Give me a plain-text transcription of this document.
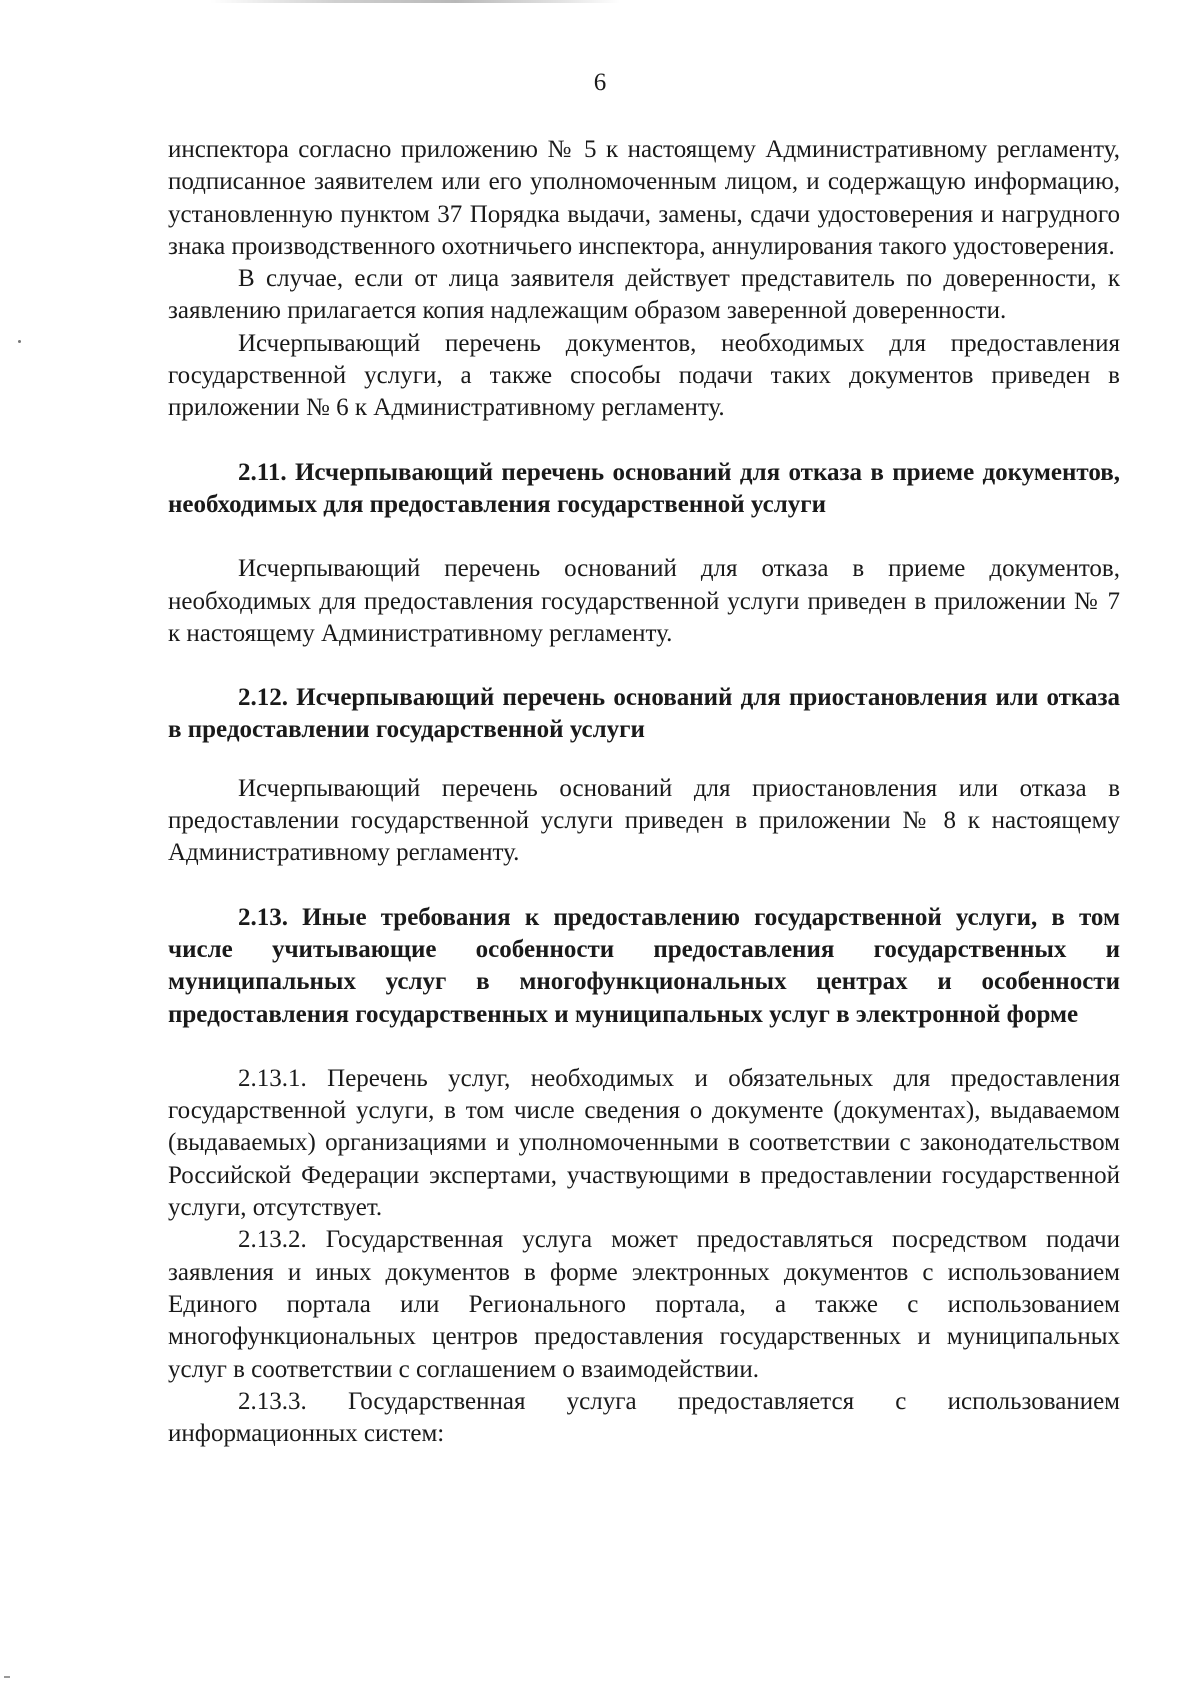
6

инспектора согласно приложению № 5 к настоящему Административному регламенту, подписанное заявителем или его уполномоченным лицом, и содержащую информацию, установленную пунктом 37 Порядка выдачи, замены, сдачи удостоверения и нагрудного знака производственного охотничьего инспектора, аннулирования такого удостоверения.

В случае, если от лица заявителя действует представитель по доверенности, к заявлению прилагается копия надлежащим образом заверенной доверенности.

Исчерпывающий перечень документов, необходимых для предоставления государственной услуги, а также способы подачи таких документов приведен в приложении № 6 к Административному регламенту.

2.11. Исчерпывающий перечень оснований для отказа в приеме документов, необходимых для предоставления государственной услуги

Исчерпывающий перечень оснований для отказа в приеме документов, необходимых для предоставления государственной услуги приведен в приложении № 7 к настоящему Административному регламенту.

2.12. Исчерпывающий перечень оснований для приостановления или отказа в предоставлении государственной услуги

Исчерпывающий перечень оснований для приостановления или отказа в предоставлении государственной услуги приведен в приложении № 8 к настоящему Административному регламенту.

2.13. Иные требования к предоставлению государственной услуги, в том числе учитывающие особенности предоставления государственных и муниципальных услуг в многофункциональных центрах и особенности предоставления государственных и муниципальных услуг в электронной форме

2.13.1. Перечень услуг, необходимых и обязательных для предоставления государственной услуги, в том числе сведения о документе (документах), выдаваемом (выдаваемых) организациями и уполномоченными в соответствии с законодательством Российской Федерации экспертами, участвующими в предоставлении государственной услуги, отсутствует.

2.13.2. Государственная услуга может предоставляться посредством подачи заявления и иных документов в форме электронных документов с использованием Единого портала или Регионального портала, а также с использованием многофункциональных центров предоставления государственных и муниципальных услуг в соответствии с соглашением о взаимодействии.

2.13.3. Государственная услуга предоставляется с использованием информационных систем:
